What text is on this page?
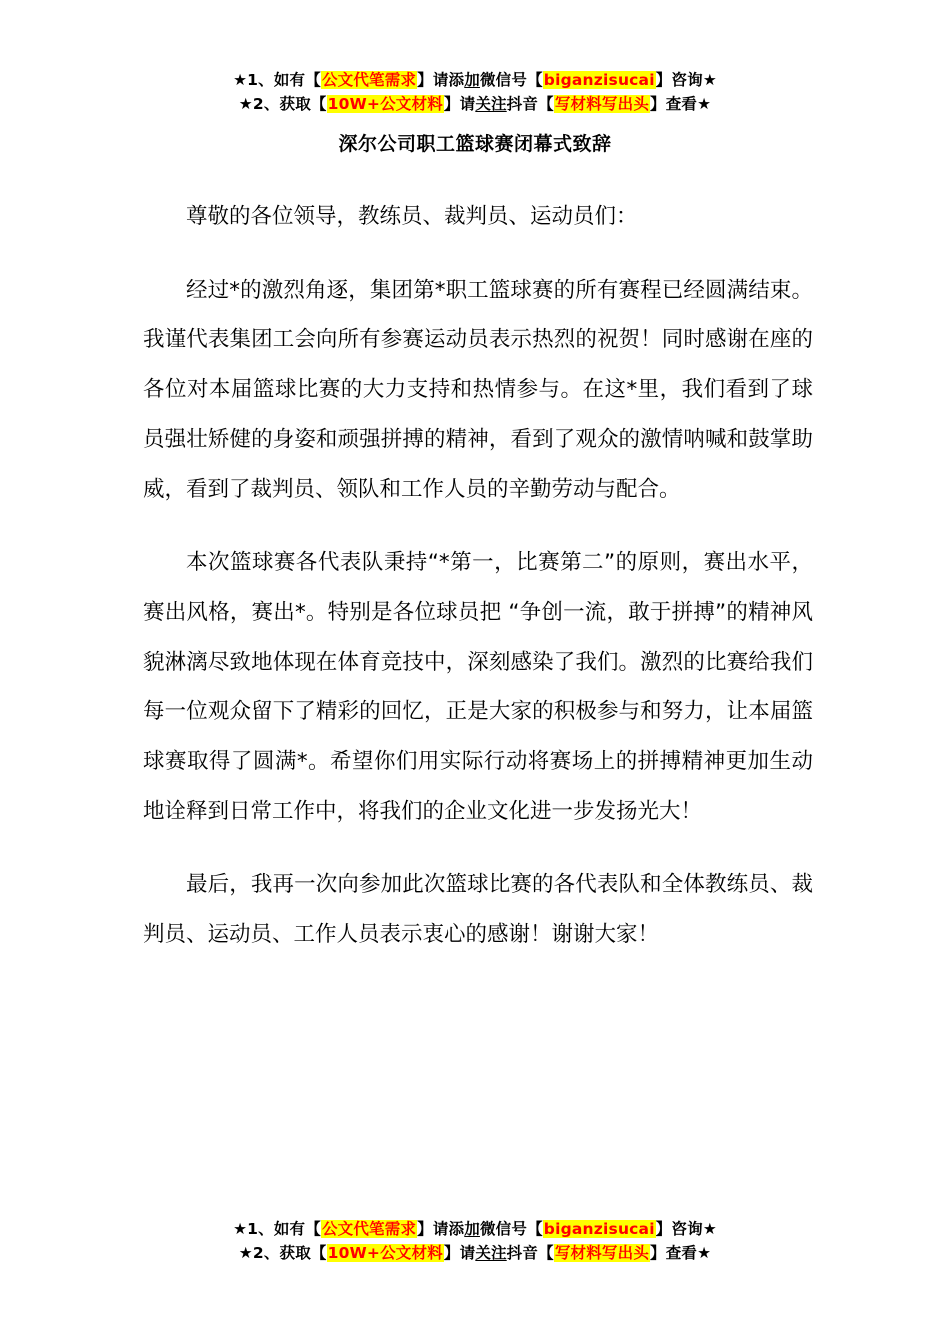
★1、如有【公文代笔需求】请添加微信号【biganzisucai】咨询★
★2、获取【10W+公文材料】请关注抖音【写材料写出头】查看★
深尔公司职工篮球赛闭幕式致辞

尊敬的各位领导，教练员、裁判员、运动员们：

经过*的激烈角逐，集团第*职工篮球赛的所有赛程已经圆满结束。我谨代表集团工会向所有参赛运动员表示热烈的祝贺！同时感谢在座的各位对本届篮球比赛的大力支持和热情参与。在这*里，我们看到了球员强壮矫健的身姿和顽强拼搏的精神，看到了观众的激情呐喊和鼓掌助威，看到了裁判员、领队和工作人员的辛勤劳动与配合。

本次篮球赛各代表队秉持“*第一，比赛第二”的原则，赛出水平，赛出风格，赛出*。特别是各位球员把 “争创一流，敢于拼搏”的精神风貌淋漓尽致地体现在体育竞技中，深刻感染了我们。激烈的比赛给我们每一位观众留下了精彩的回忆，正是大家的积极参与和努力，让本届篮球赛取得了圆满*。希望你们用实际行动将赛场上的拼搏精神更加生动地诠释到日常工作中，将我们的企业文化进一步发扬光大！

最后，我再一次向参加此次篮球比赛的各代表队和全体教练员、裁判员、运动员、工作人员表示衷心的感谢！谢谢大家！

★1、如有【公文代笔需求】请添加微信号【biganzisucai】咨询★
★2、获取【10W+公文材料】请关注抖音【写材料写出头】查看★
